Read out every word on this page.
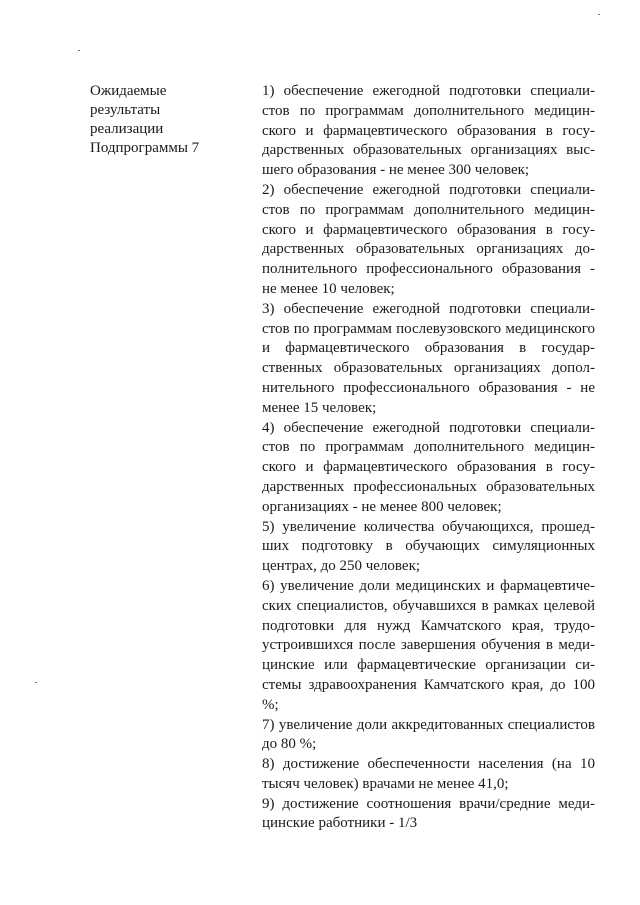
Ожидаемые
результаты
реализации
Подпрограммы 7

1) обеспечение ежегодной подготовки специалистов по программам дополнительного медицинского и фармацевтического образования в государственных образовательных организациях высшего образования - не менее 300 человек;

2) обеспечение ежегодной подготовки специалистов по программам дополнительного медицинского и фармацевтического образования в государственных образовательных организациях дополнительного профессионального образования - не менее 10 человек;

3) обеспечение ежегодной подготовки специалистов по программам послевузовского медицинского и фармацевтического образования в государственных образовательных организациях дополнительного профессионального образования - не менее 15 человек;

4) обеспечение ежегодной подготовки специалистов по программам дополнительного медицинского и фармацевтического образования в государственных профессиональных образовательных организациях - не менее 800 человек;

5) увеличение количества обучающихся, прошедших подготовку в обучающих симуляционных центрах, до 250 человек;

6) увеличение доли медицинских и фармацевтических специалистов, обучавшихся в рамках целевой подготовки для нужд Камчатского края, трудоустроившихся после завершения обучения в медицинские или фармацевтические организации системы здравоохранения Камчатского края, до 100 %;

7) увеличение доли аккредитованных специалистов до 80 %;

8) достижение обеспеченности населения (на 10 тысяч человек) врачами не менее 41,0;

9) достижение соотношения врачи/средние медицинские работники - 1/3
